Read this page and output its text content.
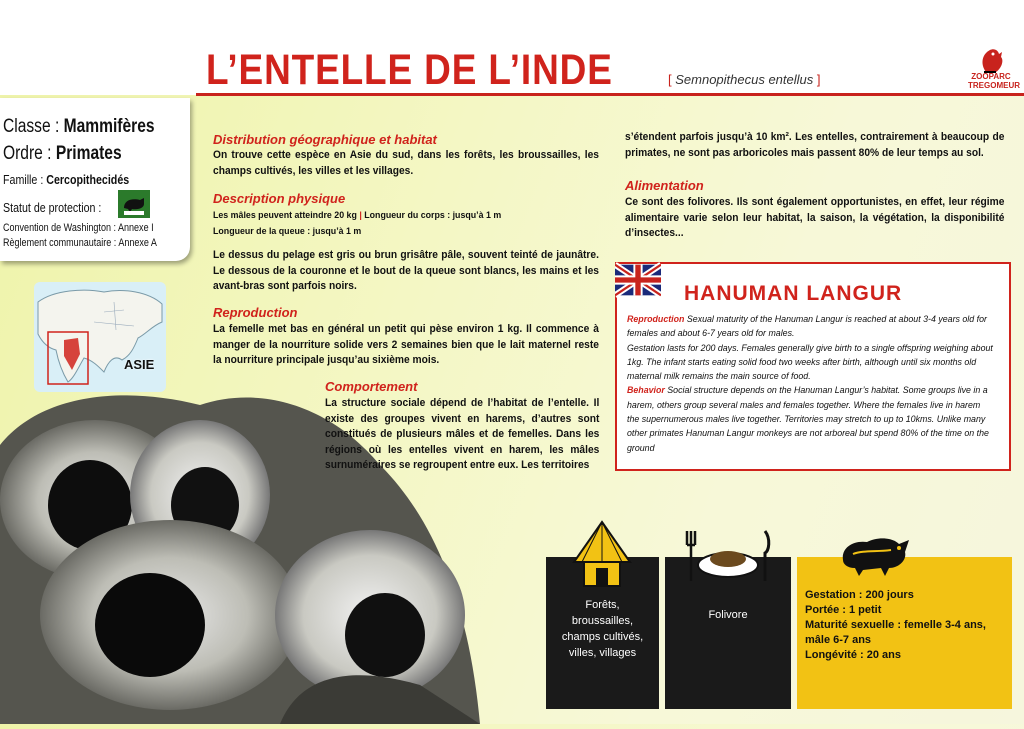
L’ENTELLE DE L’INDE	[ Semnopithecus entellus ]	ZOOPARC
TREGOMEUR
Classe : Mammifères
Ordre : Primates
Famille : Cercopithecidés
Statut de protection :
Convention de Washington : Annexe I
Règlement communautaire : Annexe A
ASIE
Distribution géographique et habitat
On trouve cette espèce en Asie du sud, dans les forêts, les broussailles, les champs cultivés, les villes et les villages.
Description physique
Les mâles peuvent atteindre 20 kg | Longueur du corps : jusqu’à 1 m
Longueur de la queue : jusqu’à 1 m
Le dessus du pelage est gris ou brun grisâtre pâle, souvent teinté de jaunâtre. Le dessous de la couronne et le bout de la queue sont blancs, les mains et les avant-bras sont parfois noirs.
Reproduction
La femelle met bas en général un petit qui pèse environ 1 kg. Il commence à manger de la nourriture solide vers 2 semaines bien que le lait maternel reste la nourriture principale jusqu’au sixième mois.
Comportement
La structure sociale dépend de l’habitat de l’entelle. Il existe des groupes vivent en harems, d’autres sont constitués de plusieurs mâles et de femelles. Dans les régions où les entelles vivent en harem, les mâles surnuméraires se regroupent entre eux. Les territoires
s’étendent parfois jusqu’à 10 km². Les entelles, contrairement à beaucoup de primates, ne sont pas arboricoles mais passent 80% de leur temps au sol.
Alimentation
Ce sont des folivores. Ils sont également opportunistes, en effet, leur régime alimentaire varie selon leur habitat, la saison, la végétation, la disponibilité d’insectes...
HANUMAN LANGUR
Reproduction Sexual maturity of the Hanuman Langur is reached at about 3-4 years old for females and about 6-7 years old for males.
Gestation lasts for 200 days. Females generally give birth to a single offspring weighing about 1kg. The infant starts eating solid food two weeks after birth, although until six months old maternal milk remains the main source of food.
Behavior Social structure depends on the Hanuman Langur’s habitat. Some groups live in a harem, others group several males and females together. Where the females live in harem the supernumerous males live together. Territories may stretch to up to 10kms. Unlike many other primates Hanuman Langur monkeys are not arboreal but spend 80% of the time on the ground
Forêts,
broussailles,
champs cultivés,
villes, villages
Folivore
Gestation : 200 jours
Portée : 1 petit
Maturité sexuelle : femelle 3-4 ans,
mâle 6-7 ans
Longévité : 20 ans
